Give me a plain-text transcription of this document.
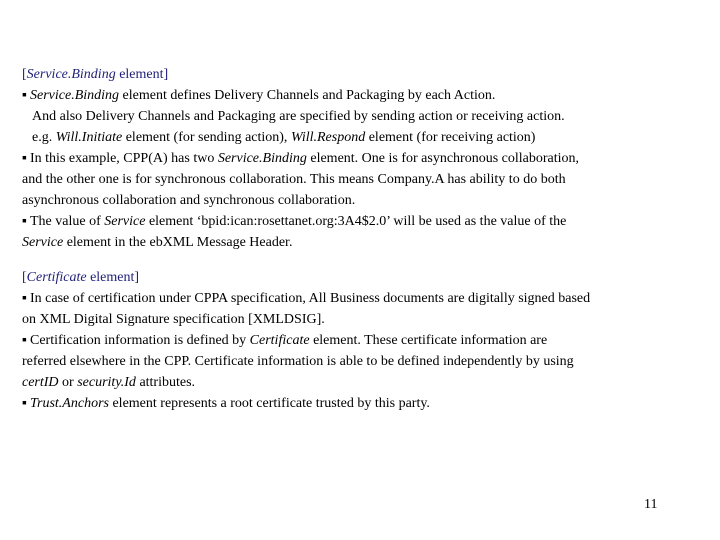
[Service.Binding element]
▪ Service.Binding element defines Delivery Channels and Packaging by each Action.
And also Delivery Channels and Packaging are specified by sending action or receiving action.
e.g. Will.Initiate element (for sending action), Will.Respond element (for receiving action)
▪ In this example, CPP(A) has two Service.Binding element. One is for asynchronous collaboration,
and the other one is for synchronous collaboration. This means Company.A has ability to do both
asynchronous collaboration and synchronous collaboration.
▪ The value of Service element ‘bpid:ican:rosettanet.org:3A4$2.0’ will be used as the value of the
Service element in the ebXML Message Header.
[Certificate element]
▪ In case of certification under CPPA specification, All Business documents are digitally signed based
on XML Digital Signature specification [XMLDSIG].
▪ Certification information is defined by Certificate element. These certificate information are
referred elsewhere in the CPP. Certificate information is able to be defined independently by using
certID or security.Id attributes.
▪ Trust.Anchors element represents a root certificate trusted by this party.
11
